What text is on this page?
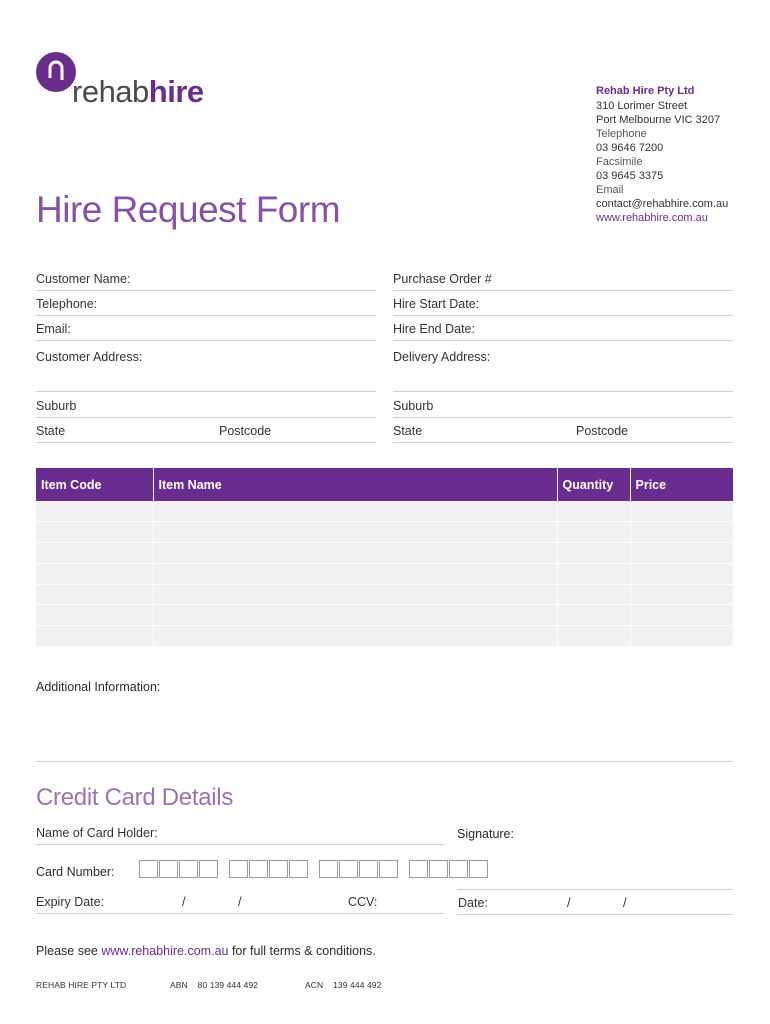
rehabhire	Rehab Hire Pty Ltd
310 Lorimer Street
Port Melbourne VIC 3207
Telephone
03 9646 7200
Facsimile
03 9645 3375
Email
contact@rehabhire.com.au
www.rehabhire.com.au
Hire Request Form
Customer Name:	Purchase Order #
Telephone:	Hire Start Date:
Email:	Hire End Date:
Customer Address:	Delivery Address:
Suburb	Suburb
State	Postcode	State	Postcode
Item Code	Item Name	Quantity	Price

Additional Information:
Credit Card Details
Name of Card Holder:	Signature:
Card Number:
Expiry Date:	/	/	CCV:	Date:	/	/
Please see www.rehabhire.com.au for full terms & conditions.
REHAB HIRE PTY LTD	ABN    80 139 444 492	ACN    139 444 492
